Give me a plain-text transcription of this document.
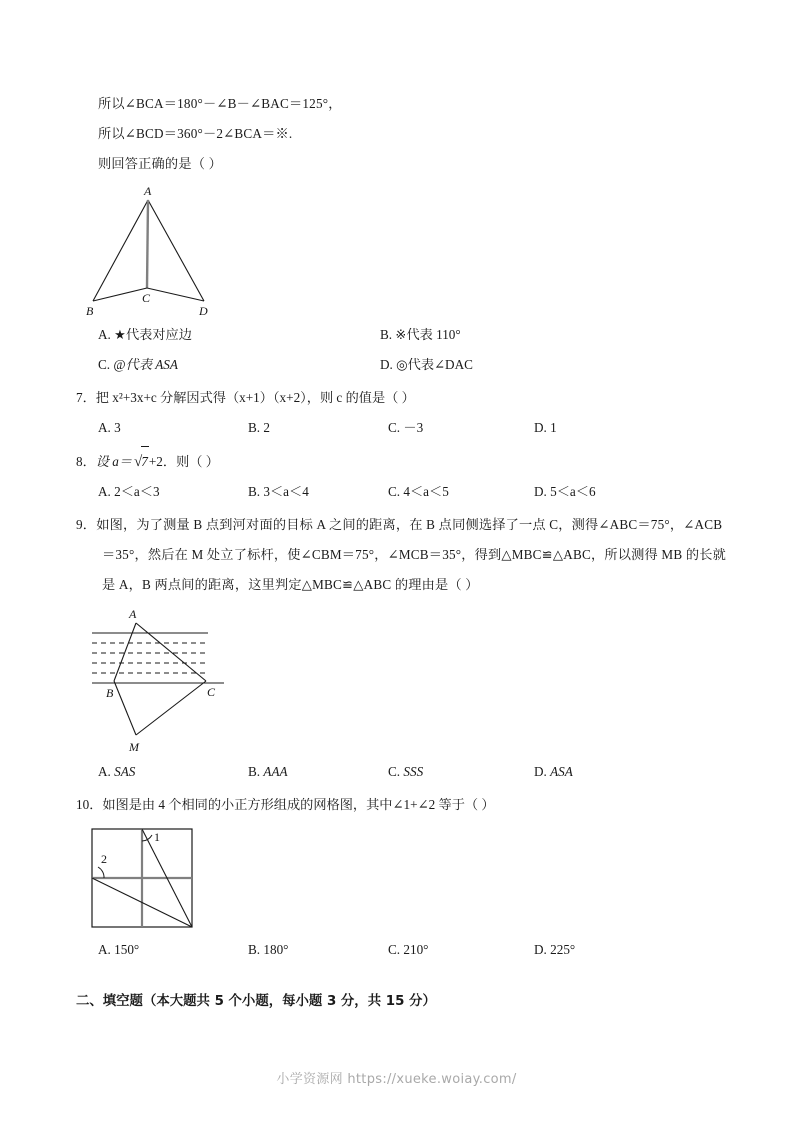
所以∠BCA＝180°－∠B－∠BAC＝125°，
所以∠BCD＝360°－2∠BCA＝※.
则回答正确的是（ ）
A
B
C
D
A. ★代表对应边	B. ※代表 110°
C. @代表 ASA	D. ◎代表∠DAC
7．把 x²+3x+c 分解因式得（x+1）（x+2），则 c 的值是（ ）
A. 3	B. 2	C. －3	D. 1
8．设 a＝ √7+2．则（ ）
A. 2＜a＜3	B. 3＜a＜4	C. 4＜a＜5	D. 5＜a＜6
9．如图，为了测量 B 点到河对面的目标 A 之间的距离，在 B 点同侧选择了一点 C，测得∠ABC＝75°，∠ACB
＝35°，然后在 M 处立了标杆，使∠CBM＝75°，∠MCB＝35°，得到△MBC≌△ABC，所以测得 MB 的长就
是 A，B 两点间的距离，这里判定△MBC≌△ABC 的理由是（ ）
A
B	C
M
A. SAS	B. AAA	C. SSS	D. ASA
10．如图是由 4 个相同的小正方形组成的网格图，其中∠1+∠2 等于（ ）
1
2
A. 150°	B. 180°	C. 210°	D. 225°
二、填空题（本大题共 5 个小题，每小题 3 分，共 15 分）
小学资源网 https://xueke.woiay.com/
